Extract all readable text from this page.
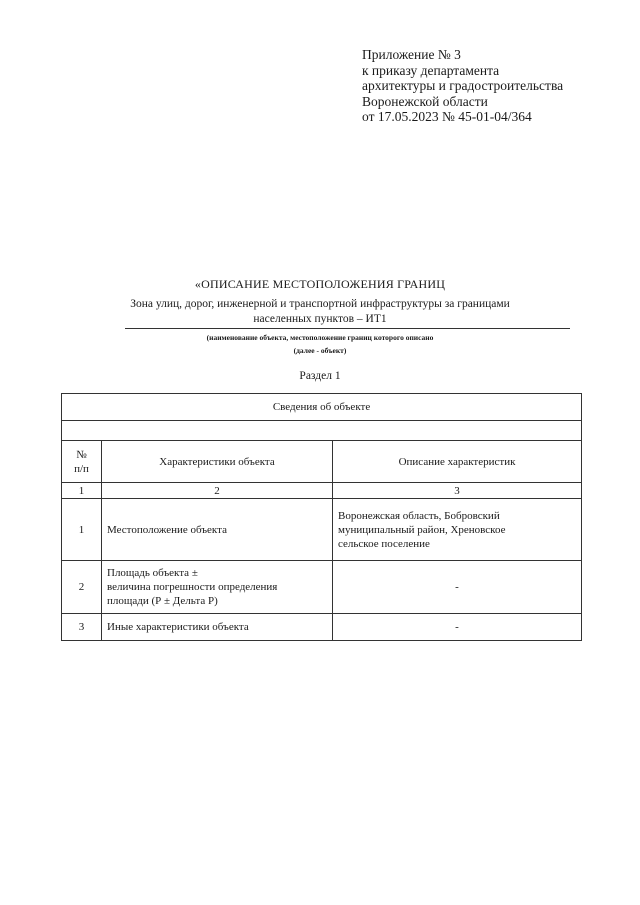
Приложение № 3
к приказу департамента
архитектуры и градостроительства
Воронежской области
от 17.05.2023 № 45-01-04/364
«ОПИСАНИЕ МЕСТОПОЛОЖЕНИЯ ГРАНИЦ
Зона улиц, дорог, инженерной и транспортной инфраструктуры за границами
населенных пунктов – ИТ1
(наименование объекта, местоположение границ которого описано
(далее - объект)
Раздел 1
Сведения об объекте		

№
п/п	Характеристики объекта	Описание характеристик
1	2	3
1	Местоположение объекта	Воронежская область, Бобровский
муниципальный район, Хреновское
сельское поселение

2	Площадь объекта ±
величина погрешности определения
площади (Р ± Дельта Р)	-
3	Иные характеристики объекта	-
